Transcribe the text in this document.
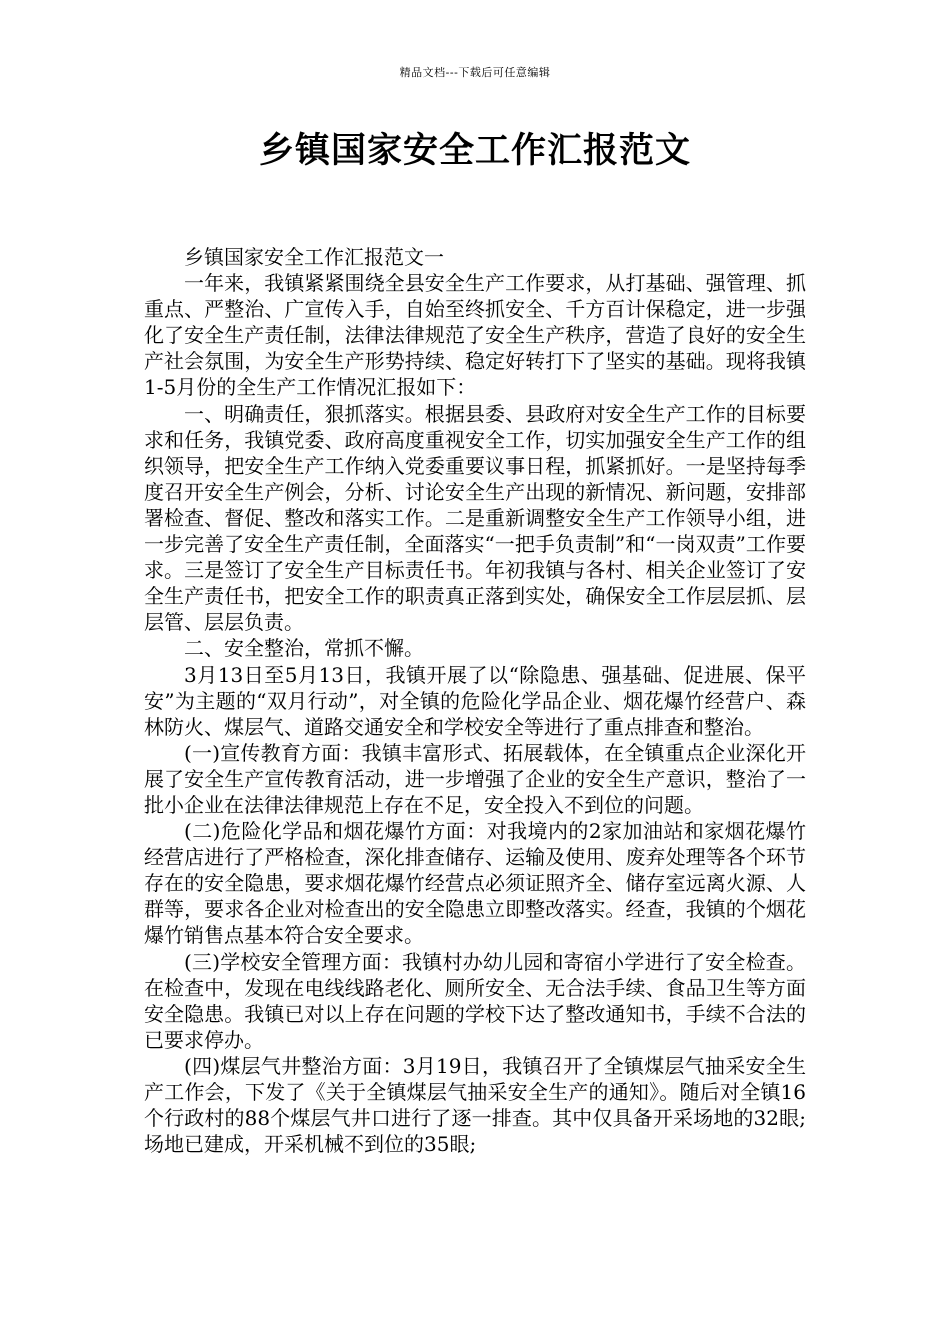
精品文档---下载后可任意编辑
乡镇国家安全工作汇报范文

乡镇国家安全工作汇报范文一

一年来，我镇紧紧围绕全县安全生产工作要求，从打基础、强管理、抓重点、严整治、广宣传入手，自始至终抓安全、千方百计保稳定，进一步强化了安全生产责任制，法律法律规范了安全生产秩序，营造了良好的安全生产社会氛围，为安全生产形势持续、稳定好转打下了坚实的基础。现将我镇1-5月份的全生产工作情况汇报如下：

一、明确责任，狠抓落实。根据县委、县政府对安全生产工作的目标要求和任务，我镇党委、政府高度重视安全工作，切实加强安全生产工作的组织领导，把安全生产工作纳入党委重要议事日程，抓紧抓好。一是坚持每季度召开安全生产例会，分析、讨论安全生产出现的新情况、新问题，安排部署检查、督促、整改和落实工作。二是重新调整安全生产工作领导小组，进一步完善了安全生产责任制，全面落实“一把手负责制”和“一岗双责”工作要求。三是签订了安全生产目标责任书。年初我镇与各村、相关企业签订了安全生产责任书，把安全工作的职责真正落到实处，确保安全工作层层抓、层层管、层层负责。

二、安全整治，常抓不懈。

3月13日至5月13日，我镇开展了以“除隐患、强基础、促进展、保平安”为主题的“双月行动”，对全镇的危险化学品企业、烟花爆竹经营户、森林防火、煤层气、道路交通安全和学校安全等进行了重点排查和整治。

(一)宣传教育方面：我镇丰富形式、拓展载体，在全镇重点企业深化开展了安全生产宣传教育活动，进一步增强了企业的安全生产意识，整治了一批小企业在法律法律规范上存在不足，安全投入不到位的问题。

(二)危险化学品和烟花爆竹方面：对我境内的2家加油站和家烟花爆竹经营店进行了严格检查，深化排查储存、运输及使用、废弃处理等各个环节存在的安全隐患，要求烟花爆竹经营点必须证照齐全、储存室远离火源、人群等，要求各企业对检查出的安全隐患立即整改落实。经查，我镇的个烟花爆竹销售点基本符合安全要求。

(三)学校安全管理方面：我镇村办幼儿园和寄宿小学进行了安全检查。在检查中，发现在电线线路老化、厕所安全、无合法手续、食品卫生等方面安全隐患。我镇已对以上存在问题的学校下达了整改通知书，手续不合法的已要求停办。

(四)煤层气井整治方面：3月19日，我镇召开了全镇煤层气抽采安全生产工作会，下发了《关于全镇煤层气抽采安全生产的通知》。随后对全镇16个行政村的88个煤层气井口进行了逐一排查。其中仅具备开采场地的32眼;场地已建成，开采机械不到位的35眼;
